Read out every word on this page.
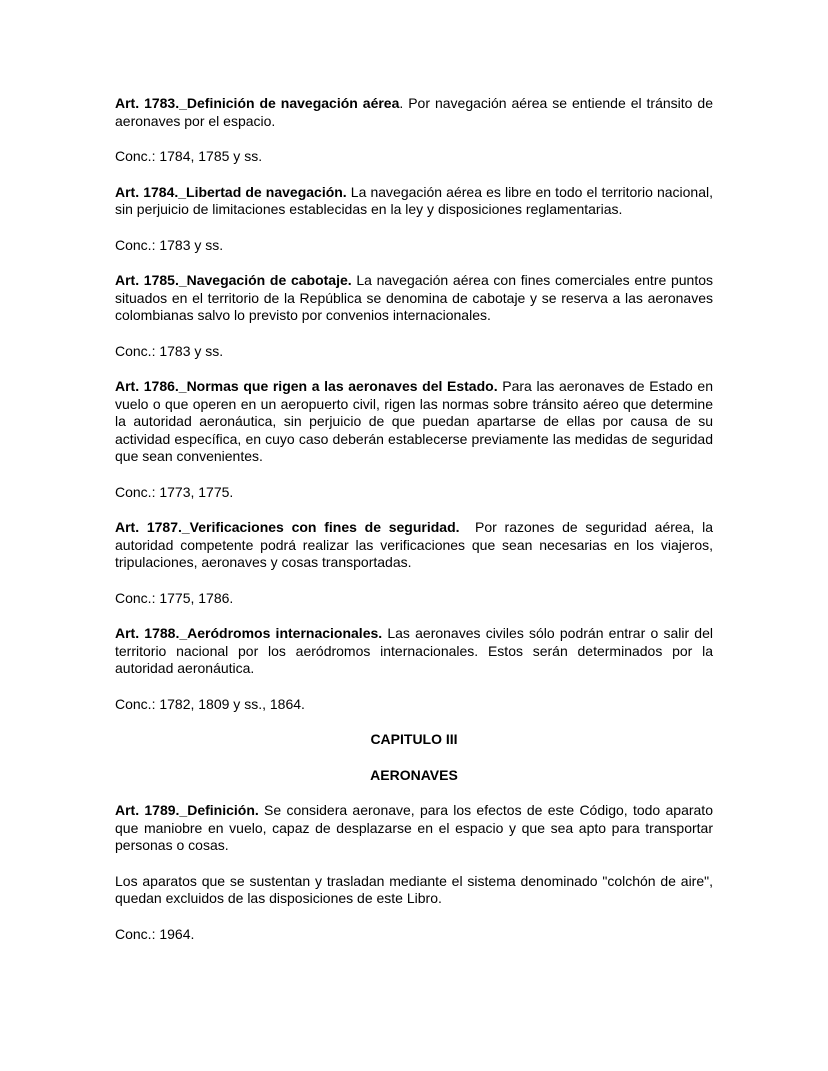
Art. 1783._Definición de navegación aérea. Por navegación aérea se entiende el tránsito de aeronaves por el espacio.

Conc.: 1784, 1785 y ss.

Art. 1784._Libertad de navegación. La navegación aérea es libre en todo el territorio nacional, sin perjuicio de limitaciones establecidas en la ley y disposiciones reglamentarias.

Conc.: 1783 y ss.

Art. 1785._Navegación de cabotaje. La navegación aérea con fines comerciales entre puntos situados en el territorio de la República se denomina de cabotaje y se reserva a las aeronaves colombianas salvo lo previsto por convenios internacionales.

Conc.: 1783 y ss.

Art. 1786._Normas que rigen a las aeronaves del Estado. Para las aeronaves de Estado en vuelo o que operen en un aeropuerto civil, rigen las normas sobre tránsito aéreo que determine la autoridad aeronáutica, sin perjuicio de que puedan apartarse de ellas por causa de su actividad específica, en cuyo caso deberán establecerse previamente las medidas de seguridad que sean convenientes.

Conc.: 1773, 1775.

Art. 1787._Verificaciones con fines de seguridad.  Por razones de seguridad aérea, la autoridad competente podrá realizar las verificaciones que sean necesarias en los viajeros, tripulaciones, aeronaves y cosas transportadas.

Conc.: 1775, 1786.

Art. 1788._Aeródromos internacionales. Las aeronaves civiles sólo podrán entrar o salir del territorio nacional por los aeródromos internacionales. Estos serán determinados por la autoridad aeronáutica.

Conc.: 1782, 1809 y ss., 1864.

CAPITULO III

AERONAVES

Art. 1789._Definición. Se considera aeronave, para los efectos de este Código, todo aparato que maniobre en vuelo, capaz de desplazarse en el espacio y que sea apto para transportar personas o cosas.

Los aparatos que se sustentan y trasladan mediante el sistema denominado "colchón de aire", quedan excluidos de las disposiciones de este Libro.

Conc.: 1964.
